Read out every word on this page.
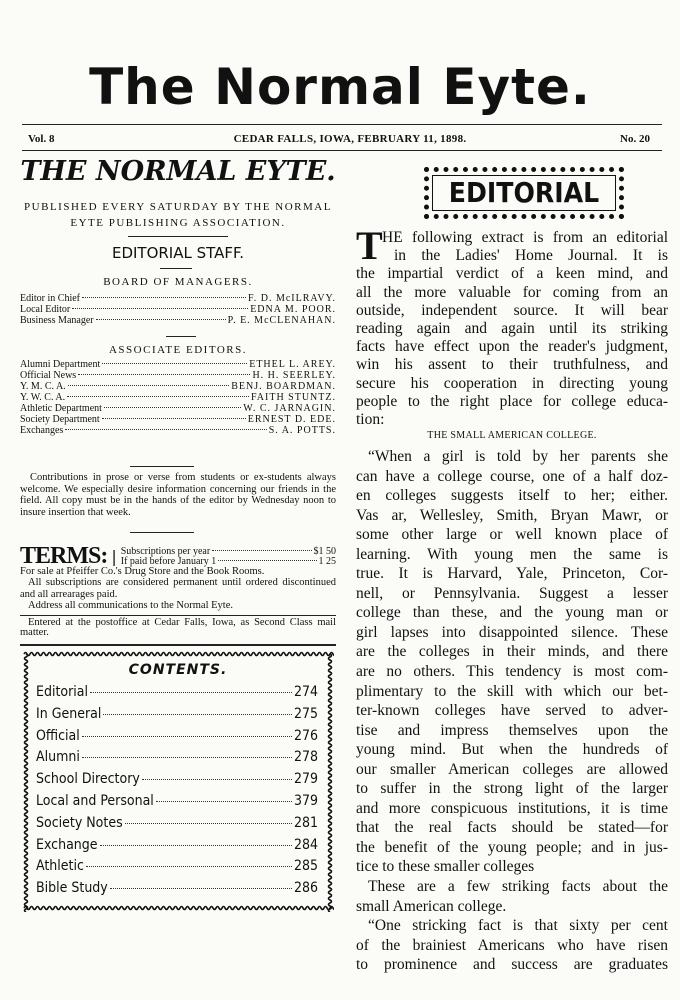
The Normal Eyte.
Vol. 8	CEDAR FALLS, IOWA, FEBRUARY 11, 1898.	No. 20
THE NORMAL EYTE.
PUBLISHED EVERY SATURDAY BY THE NORMAL
EYTE PUBLISHING ASSOCIATION.
EDITORIAL STAFF.
BOARD OF MANAGERS.
Editor in Chief	F. D. McILRAVY.
Local Editor	EDNA M. POOR.
Business Manager	P. E. McCLENAHAN.
ASSOCIATE EDITORS.
Alumni Department	ETHEL L. AREY.
Official News	H. H. SEERLEY.
Y. M. C. A.	BENJ. BOARDMAN.
Y. W. C. A.	FAITH STUNTZ.
Athletic Department	W. C. JARNAGIN.
Society Department	ERNEST D. EDE.
Exchanges	S. A. POTTS.
Contributions in prose or verse from students or ex-students always welcome. We especially desire information concerning our friends in the field. All copy must be in the hands of the editor by Wednesday noon to insure insertion that week.
TERMS: | Subscriptions per year	$1 50
If paid before January 1	1 25
For sale at Pfeiffer Co.'s Drug Store and the Book Rooms.
All subscriptions are considered permanent until ordered discontinued and all arrearages paid.
Address all communications to the Normal Eyte.
Entered at the postoffice at Cedar Falls, Iowa, as Second Class mail matter.
CONTENTS.
Editorial	274
In General	275
Official	276
Alumni	278
School Directory	279
Local and Personal	379
Society Notes	281
Exchange	284
Athletic	285
Bible Study	286
EDITORIAL
T HE following extract is from an editorial
in the Ladies' Home Journal. It is
the impartial verdict of a keen mind, and
all the more valuable for coming from an
outside, independent source. It will bear
reading again and again until its striking
facts have effect upon the reader's judgment,
win his assent to their truthfulness, and
secure his cooperation in directing young
people to the right place for college educa-
tion:
THE SMALL AMERICAN COLLEGE.
“When a girl is told by her parents she
can have a college course, one of a half doz-
en colleges suggests itself to her; either.
Vas ar, Wellesley, Smith, Bryan Mawr, or
some other large or well known place of
learning. With young men the same is
true. It is Harvard, Yale, Princeton, Cor-
nell, or Pennsylvania. Suggest a lesser
college than these, and the young man or
girl lapses into disappointed silence. These
are the colleges in their minds, and there
are no others. This tendency is most com-
plimentary to the skill with which our bet-
ter-known colleges have served to adver-
tise and impress themselves upon the
young mind. But when the hundreds of
our smaller American colleges are allowed
to suffer in the strong light of the larger
and more conspicuous institutions, it is time
that the real facts should be stated—for
the benefit of the young people; and in jus-
tice to these smaller colleges
These are a few striking facts about the
small American college.
“One stricking fact is that sixty per cent
of the brainiest Americans who have risen
to prominence and success are graduates
